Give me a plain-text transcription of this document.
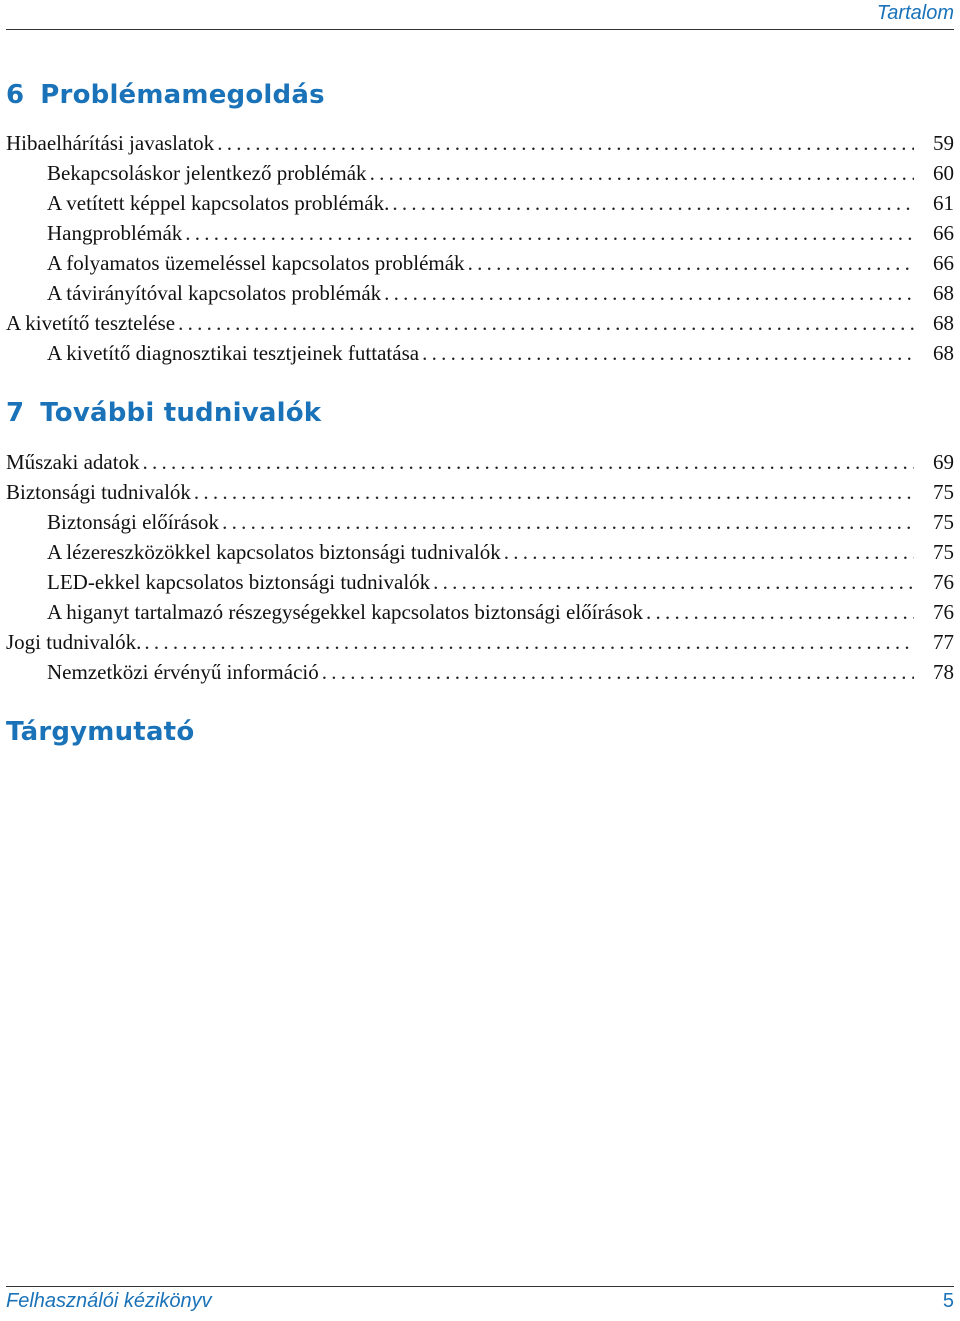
Tartalom
6 Problémamegoldás
Hibaelhárítási javaslatok . . .	59
Bekapcsoláskor jelentkező problémák . . .	60
A vetített képpel kapcsolatos problémák. . . .	61
Hangproblémák . . .	66
A folyamatos üzemeléssel kapcsolatos problémák . . .	66
A távirányítóval kapcsolatos problémák . . .	68
A kivetítő tesztelése . . .	68
A kivetítő diagnosztikai tesztjeinek futtatása . . .	68
7 További tudnivalók
Műszaki adatok . . .	69
Biztonsági tudnivalók . . .	75
Biztonsági előírások . . .	75
A lézereszközökkel kapcsolatos biztonsági tudnivalók . . .	75
LED-ekkel kapcsolatos biztonsági tudnivalók . . .	76
A higanyt tartalmazó részegységekkel kapcsolatos biztonsági előírások . . .	76
Jogi tudnivalók. . . .	77
Nemzetközi érvényű információ . . .	78
Tárgymutató
Felhasználói kézikönyv	5
